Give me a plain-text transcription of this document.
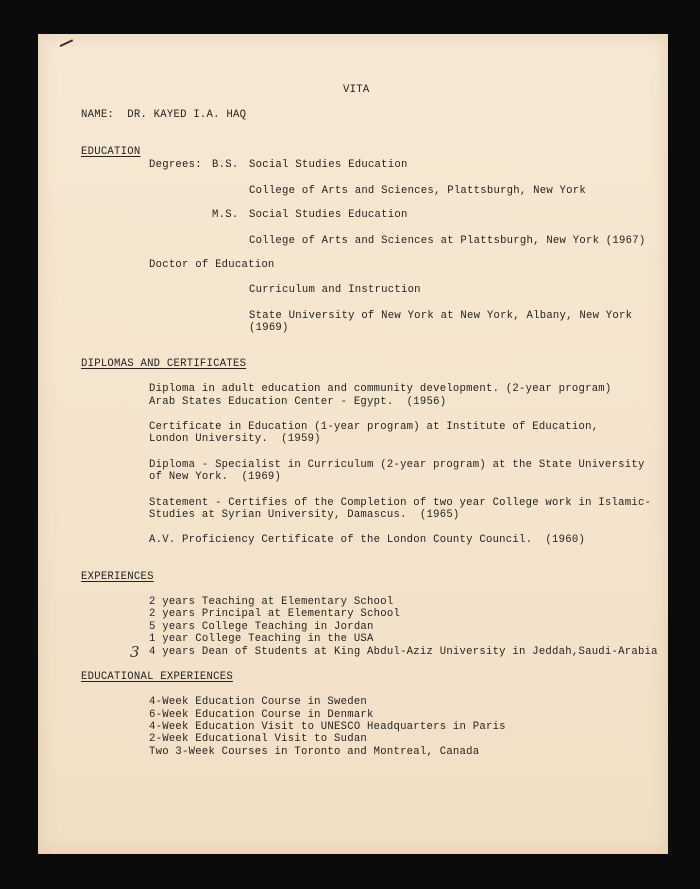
VITA

NAME:  DR. KAYED I.A. HAQ

EDUCATION

Degrees: B.S. Social Studies Education

College of Arts and Sciences, Plattsburgh, New York

M.S. Social Studies Education

College of Arts and Sciences at Plattsburgh, New York (1967)

Doctor of Education

Curriculum and Instruction

State University of New York at New York, Albany, New York

(1969)

DIPLOMAS AND CERTIFICATES

Diploma in adult education and community development. (2-year program)

Arab States Education Center - Egypt.  (1956)

Certificate in Education (1-year program) at Institute of Education,

London University.  (1959)

Diploma - Specialist in Curriculum (2-year program) at the State University

of New York.  (1969)

Statement - Certifies of the Completion of two year College work in Islamic-

Studies at Syrian University, Damascus.  (1965)

A.V. Proficiency Certificate of the London County Council.  (1960)

EXPERIENCES

2 years Teaching at Elementary School

2 years Principal at Elementary School

5 years College Teaching in Jordan

1 year College Teaching in the USA

4 years Dean of Students at King Abdul-Aziz University in Jeddah,Saudi-Arabia

3

EDUCATIONAL EXPERIENCES

4-Week Education Course in Sweden

6-Week Education Course in Denmark

4-Week Education Visit to UNESCO Headquarters in Paris

2-Week Educational Visit to Sudan

Two 3-Week Courses in Toronto and Montreal, Canada
